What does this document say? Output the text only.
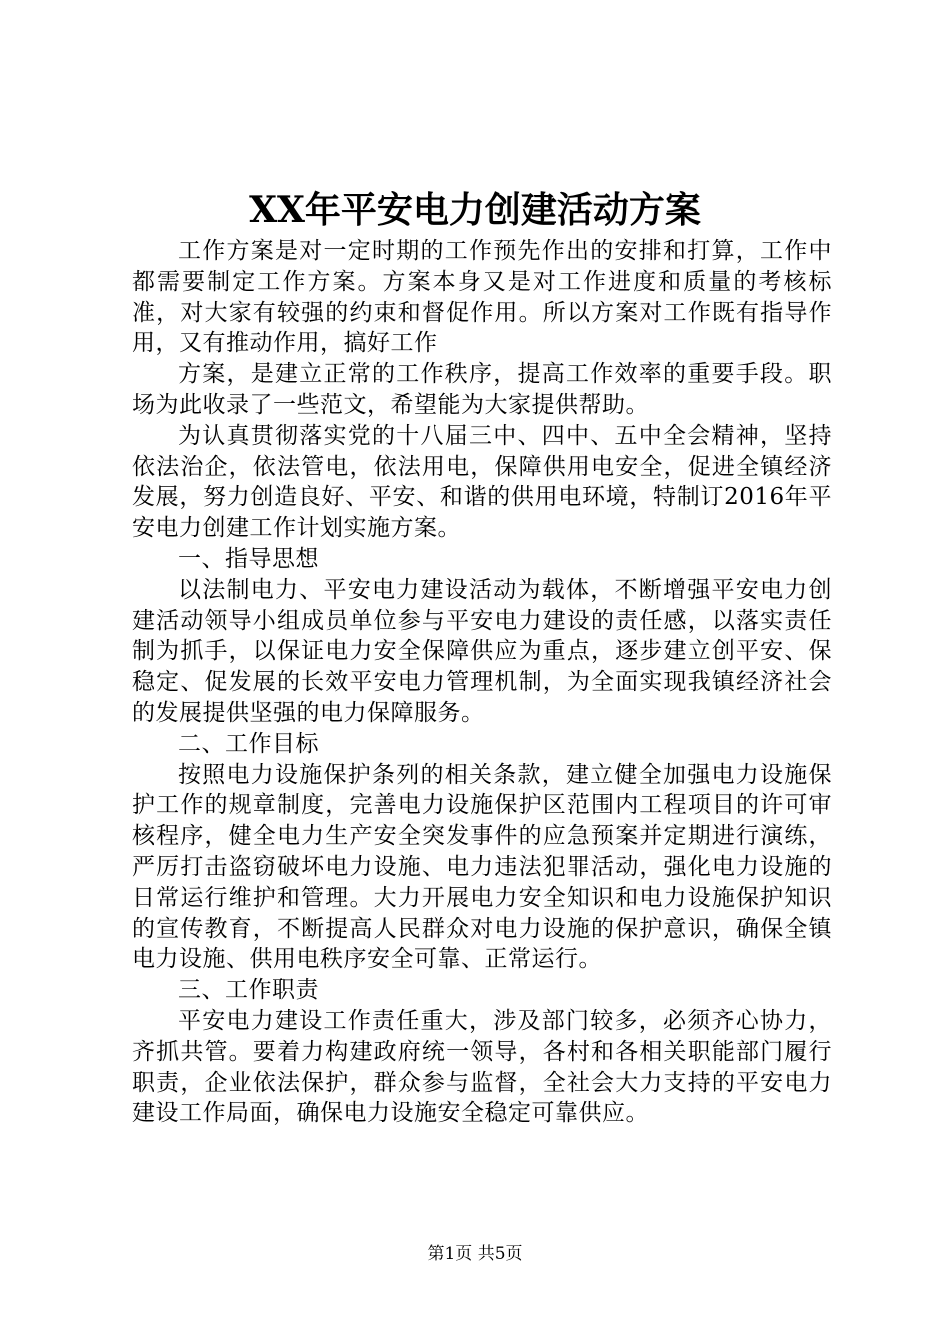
XX年平安电力创建活动方案

工作方案是对一定时期的工作预先作出的安排和打算，工作中都需要制定工作方案。方案本身又是对工作进度和质量的考核标准，对大家有较强的约束和督促作用。所以方案对工作既有指导作用，又有推动作用，搞好工作

方案，是建立正常的工作秩序，提高工作效率的重要手段。职场为此收录了一些范文，希望能为大家提供帮助。

为认真贯彻落实党的十八届三中、四中、五中全会精神，坚持依法治企，依法管电，依法用电，保障供用电安全，促进全镇经济发展，努力创造良好、平安、和谐的供用电环境，特制订2016年平安电力创建工作计划实施方案。

一、指导思想

以法制电力、平安电力建设活动为载体，不断增强平安电力创建活动领导小组成员单位参与平安电力建设的责任感，以落实责任制为抓手，以保证电力安全保障供应为重点，逐步建立创平安、保稳定、促发展的长效平安电力管理机制，为全面实现我镇经济社会的发展提供坚强的电力保障服务。

二、工作目标

按照电力设施保护条列的相关条款，建立健全加强电力设施保护工作的规章制度，完善电力设施保护区范围内工程项目的许可审核程序，健全电力生产安全突发事件的应急预案并定期进行演练，严厉打击盗窃破坏电力设施、电力违法犯罪活动，强化电力设施的日常运行维护和管理。大力开展电力安全知识和电力设施保护知识的宣传教育，不断提高人民群众对电力设施的保护意识，确保全镇电力设施、供用电秩序安全可靠、正常运行。

三、工作职责

平安电力建设工作责任重大，涉及部门较多，必须齐心协力，齐抓共管。要着力构建政府统一领导，各村和各相关职能部门履行职责，企业依法保护，群众参与监督，全社会大力支持的平安电力建设工作局面，确保电力设施安全稳定可靠供应。

第1页 共5页
